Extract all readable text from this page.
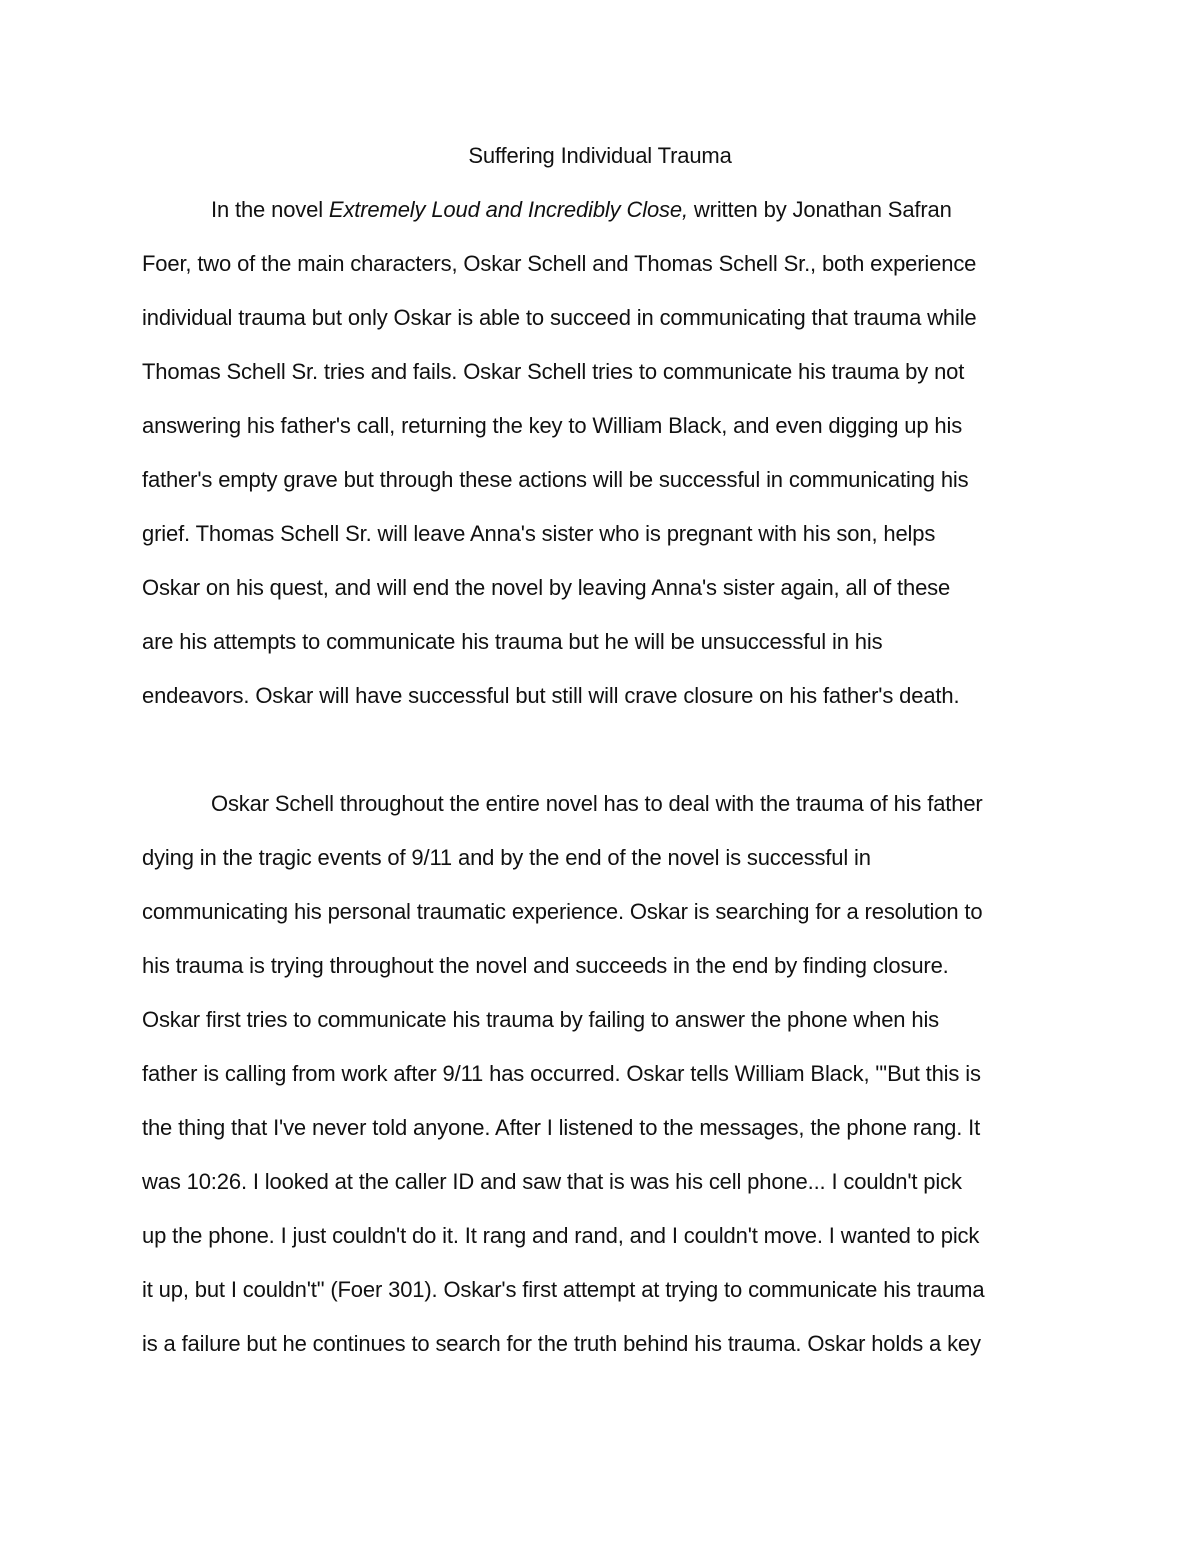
Suffering Individual Trauma
In the novel Extremely Loud and Incredibly Close, written by Jonathan Safran
Foer, two of the main characters, Oskar Schell and Thomas Schell Sr., both experience
individual trauma but only Oskar is able to succeed in communicating that trauma while
Thomas Schell Sr. tries and fails. Oskar Schell tries to communicate his trauma by not
answering his father's call, returning the key to William Black, and even digging up his
father's empty grave but through these actions will be successful in communicating his
grief. Thomas Schell Sr. will leave Anna's sister who is pregnant with his son, helps
Oskar on his quest, and will end the novel by leaving Anna's sister again, all of these
are his attempts to communicate his trauma but he will be unsuccessful in his
endeavors. Oskar will have successful but still will crave closure on his father's death.
Oskar Schell throughout the entire novel has to deal with the trauma of his father
dying in the tragic events of 9/11 and by the end of the novel is successful in
communicating his personal traumatic experience. Oskar is searching for a resolution to
his trauma is trying throughout the novel and succeeds in the end by finding closure.
Oskar first tries to communicate his trauma by failing to answer the phone when his
father is calling from work after 9/11 has occurred. Oskar tells William Black, "'But this is
the thing that I've never told anyone. After I listened to the messages, the phone rang. It
was 10:26. I looked at the caller ID and saw that is was his cell phone... I couldn't pick
up the phone. I just couldn't do it. It rang and rand, and I couldn't move. I wanted to pick
it up, but I couldn't" (Foer 301). Oskar's first attempt at trying to communicate his trauma
is a failure but he continues to search for the truth behind his trauma. Oskar holds a key
